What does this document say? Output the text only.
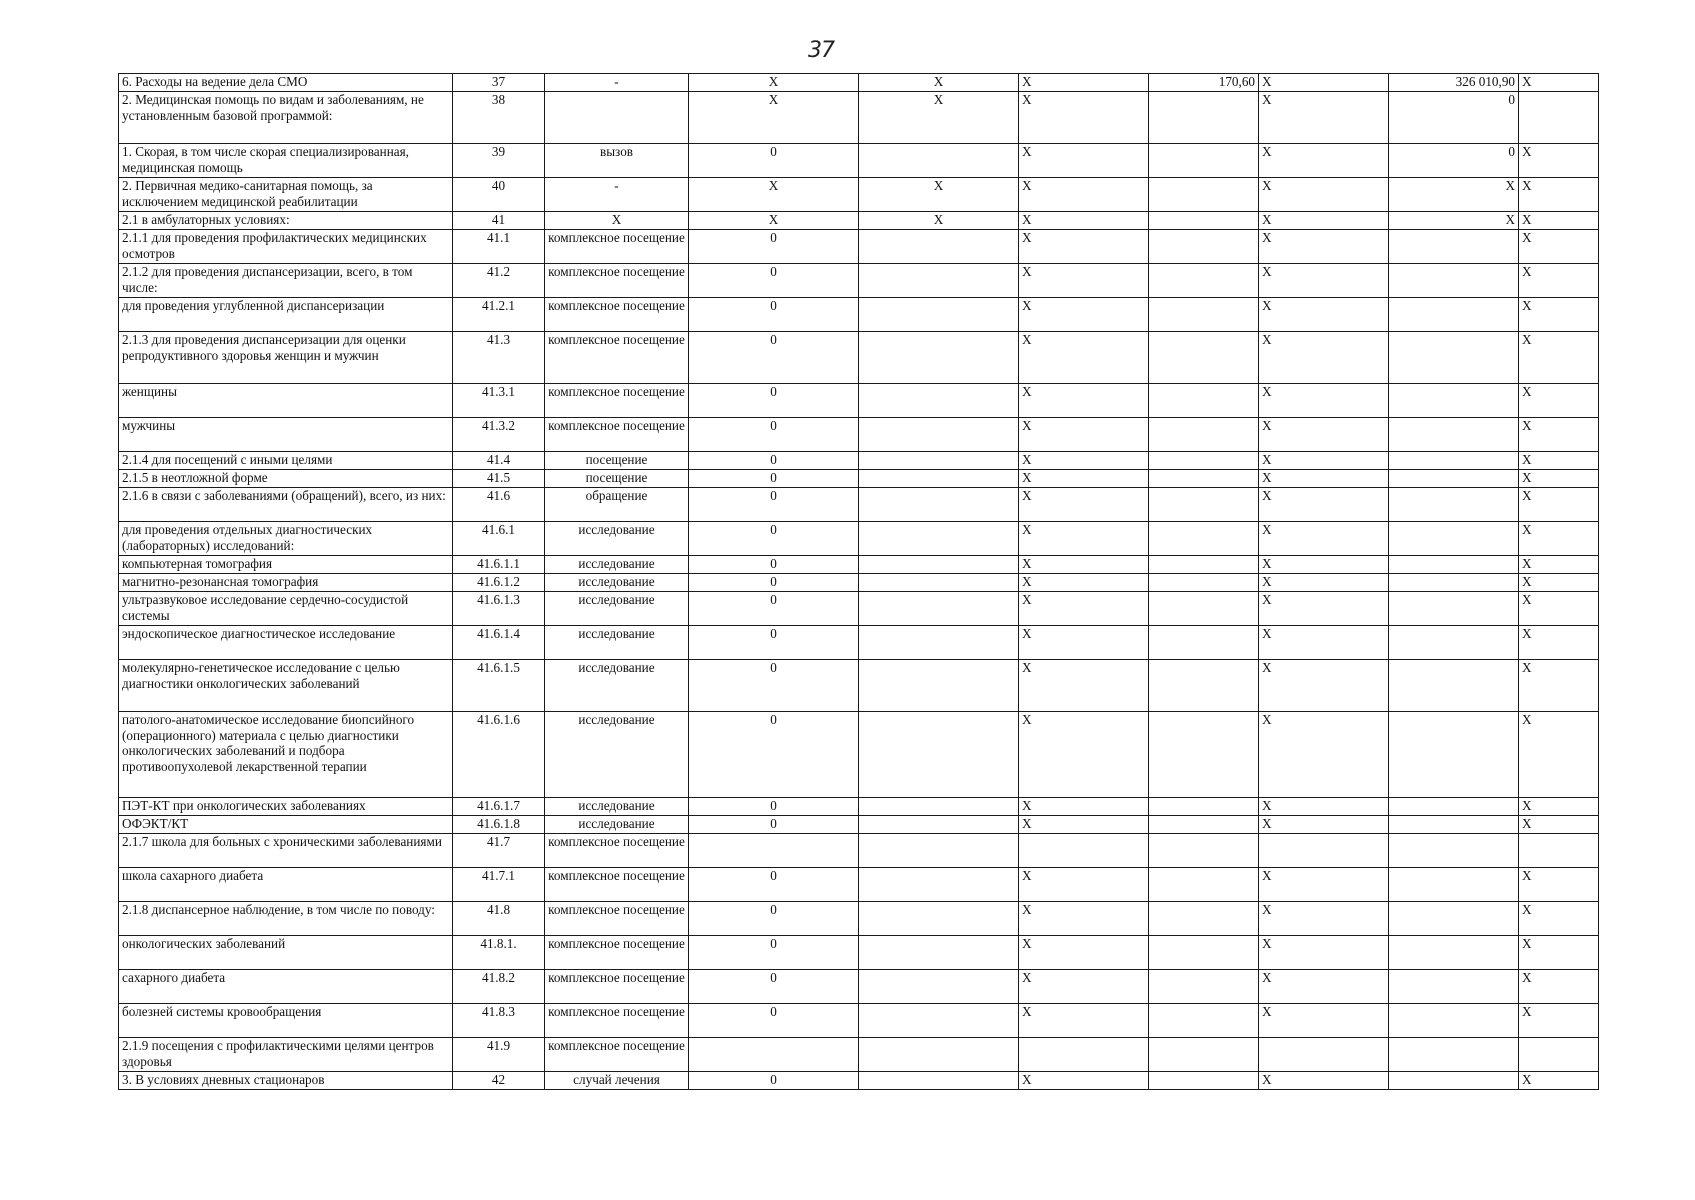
37
6. Расходы на ведение дела СМО	37	-	Х	Х	Х	170,60	Х	326 010,90	Х
2. Медицинская помощь по видам и заболеваниям, не установленным базовой программой:	38		Х	Х	Х		Х	0	
1. Скорая, в том числе скорая специализированная, медицинская помощь	39	вызов	0		Х		Х	0	Х
2. Первичная медико-санитарная помощь, за исключением медицинской реабилитации	40	-	Х	Х	Х		Х	Х	Х
2.1 в амбулаторных условиях:	41	Х	Х	Х	Х		Х	Х	Х
2.1.1 для проведения профилактических медицинских осмотров	41.1	комплексное посещение	0		Х		Х		Х
2.1.2 для проведения диспансеризации, всего, в том числе:	41.2	комплексное посещение	0		Х		Х		Х
для проведения углубленной диспансеризации	41.2.1	комплексное посещение	0		Х		Х		Х
2.1.3 для проведения диспансеризации для оценки репродуктивного здоровья женщин и мужчин	41.3	комплексное посещение	0		Х		Х		Х
женщины	41.3.1	комплексное посещение	0		Х		Х		Х
мужчины	41.3.2	комплексное посещение	0		Х		Х		Х
2.1.4 для посещений с иными целями	41.4	посещение	0		Х		Х		Х
2.1.5 в неотложной форме	41.5	посещение	0		Х		Х		Х
2.1.6 в связи с заболеваниями (обращений), всего, из них:	41.6	обращение	0		Х		Х		Х
для проведения отдельных диагностических (лабораторных) исследований:	41.6.1	исследование	0		Х		Х		Х
компьютерная томография	41.6.1.1	исследование	0		Х		Х		Х
магнитно-резонансная томография	41.6.1.2	исследование	0		Х		Х		Х
ультразвуковое исследование сердечно-сосудистой системы	41.6.1.3	исследование	0		Х		Х		Х
эндоскопическое диагностическое исследование	41.6.1.4	исследование	0		Х		Х		Х
молекулярно-генетическое исследование с целью диагностики онкологических заболеваний	41.6.1.5	исследование	0		Х		Х		Х
патолого-анатомическое исследование биопсийного (операционного) материала с целью диагностики онкологических заболеваний и подбора противоопухолевой лекарственной терапии	41.6.1.6	исследование	0		Х		Х		Х
ПЭТ-КТ при онкологических заболеваниях	41.6.1.7	исследование	0		Х		Х		Х
ОФЭКТ/КТ	41.6.1.8	исследование	0		Х		Х		Х
2.1.7 школа для больных с хроническими заболеваниями	41.7	комплексное посещение							
школа сахарного диабета	41.7.1	комплексное посещение	0		Х		Х		Х
2.1.8 диспансерное наблюдение, в том числе по поводу:	41.8	комплексное посещение	0		Х		Х		Х
онкологических заболеваний	41.8.1.	комплексное посещение	0		Х		Х		Х
сахарного диабета	41.8.2	комплексное посещение	0		Х		Х		Х
болезней системы кровообращения	41.8.3	комплексное посещение	0		Х		Х		Х
2.1.9 посещения с профилактическими целями центров здоровья	41.9	комплексное посещение							
3. В условиях дневных стационаров	42	случай лечения	0		Х		Х		Х
